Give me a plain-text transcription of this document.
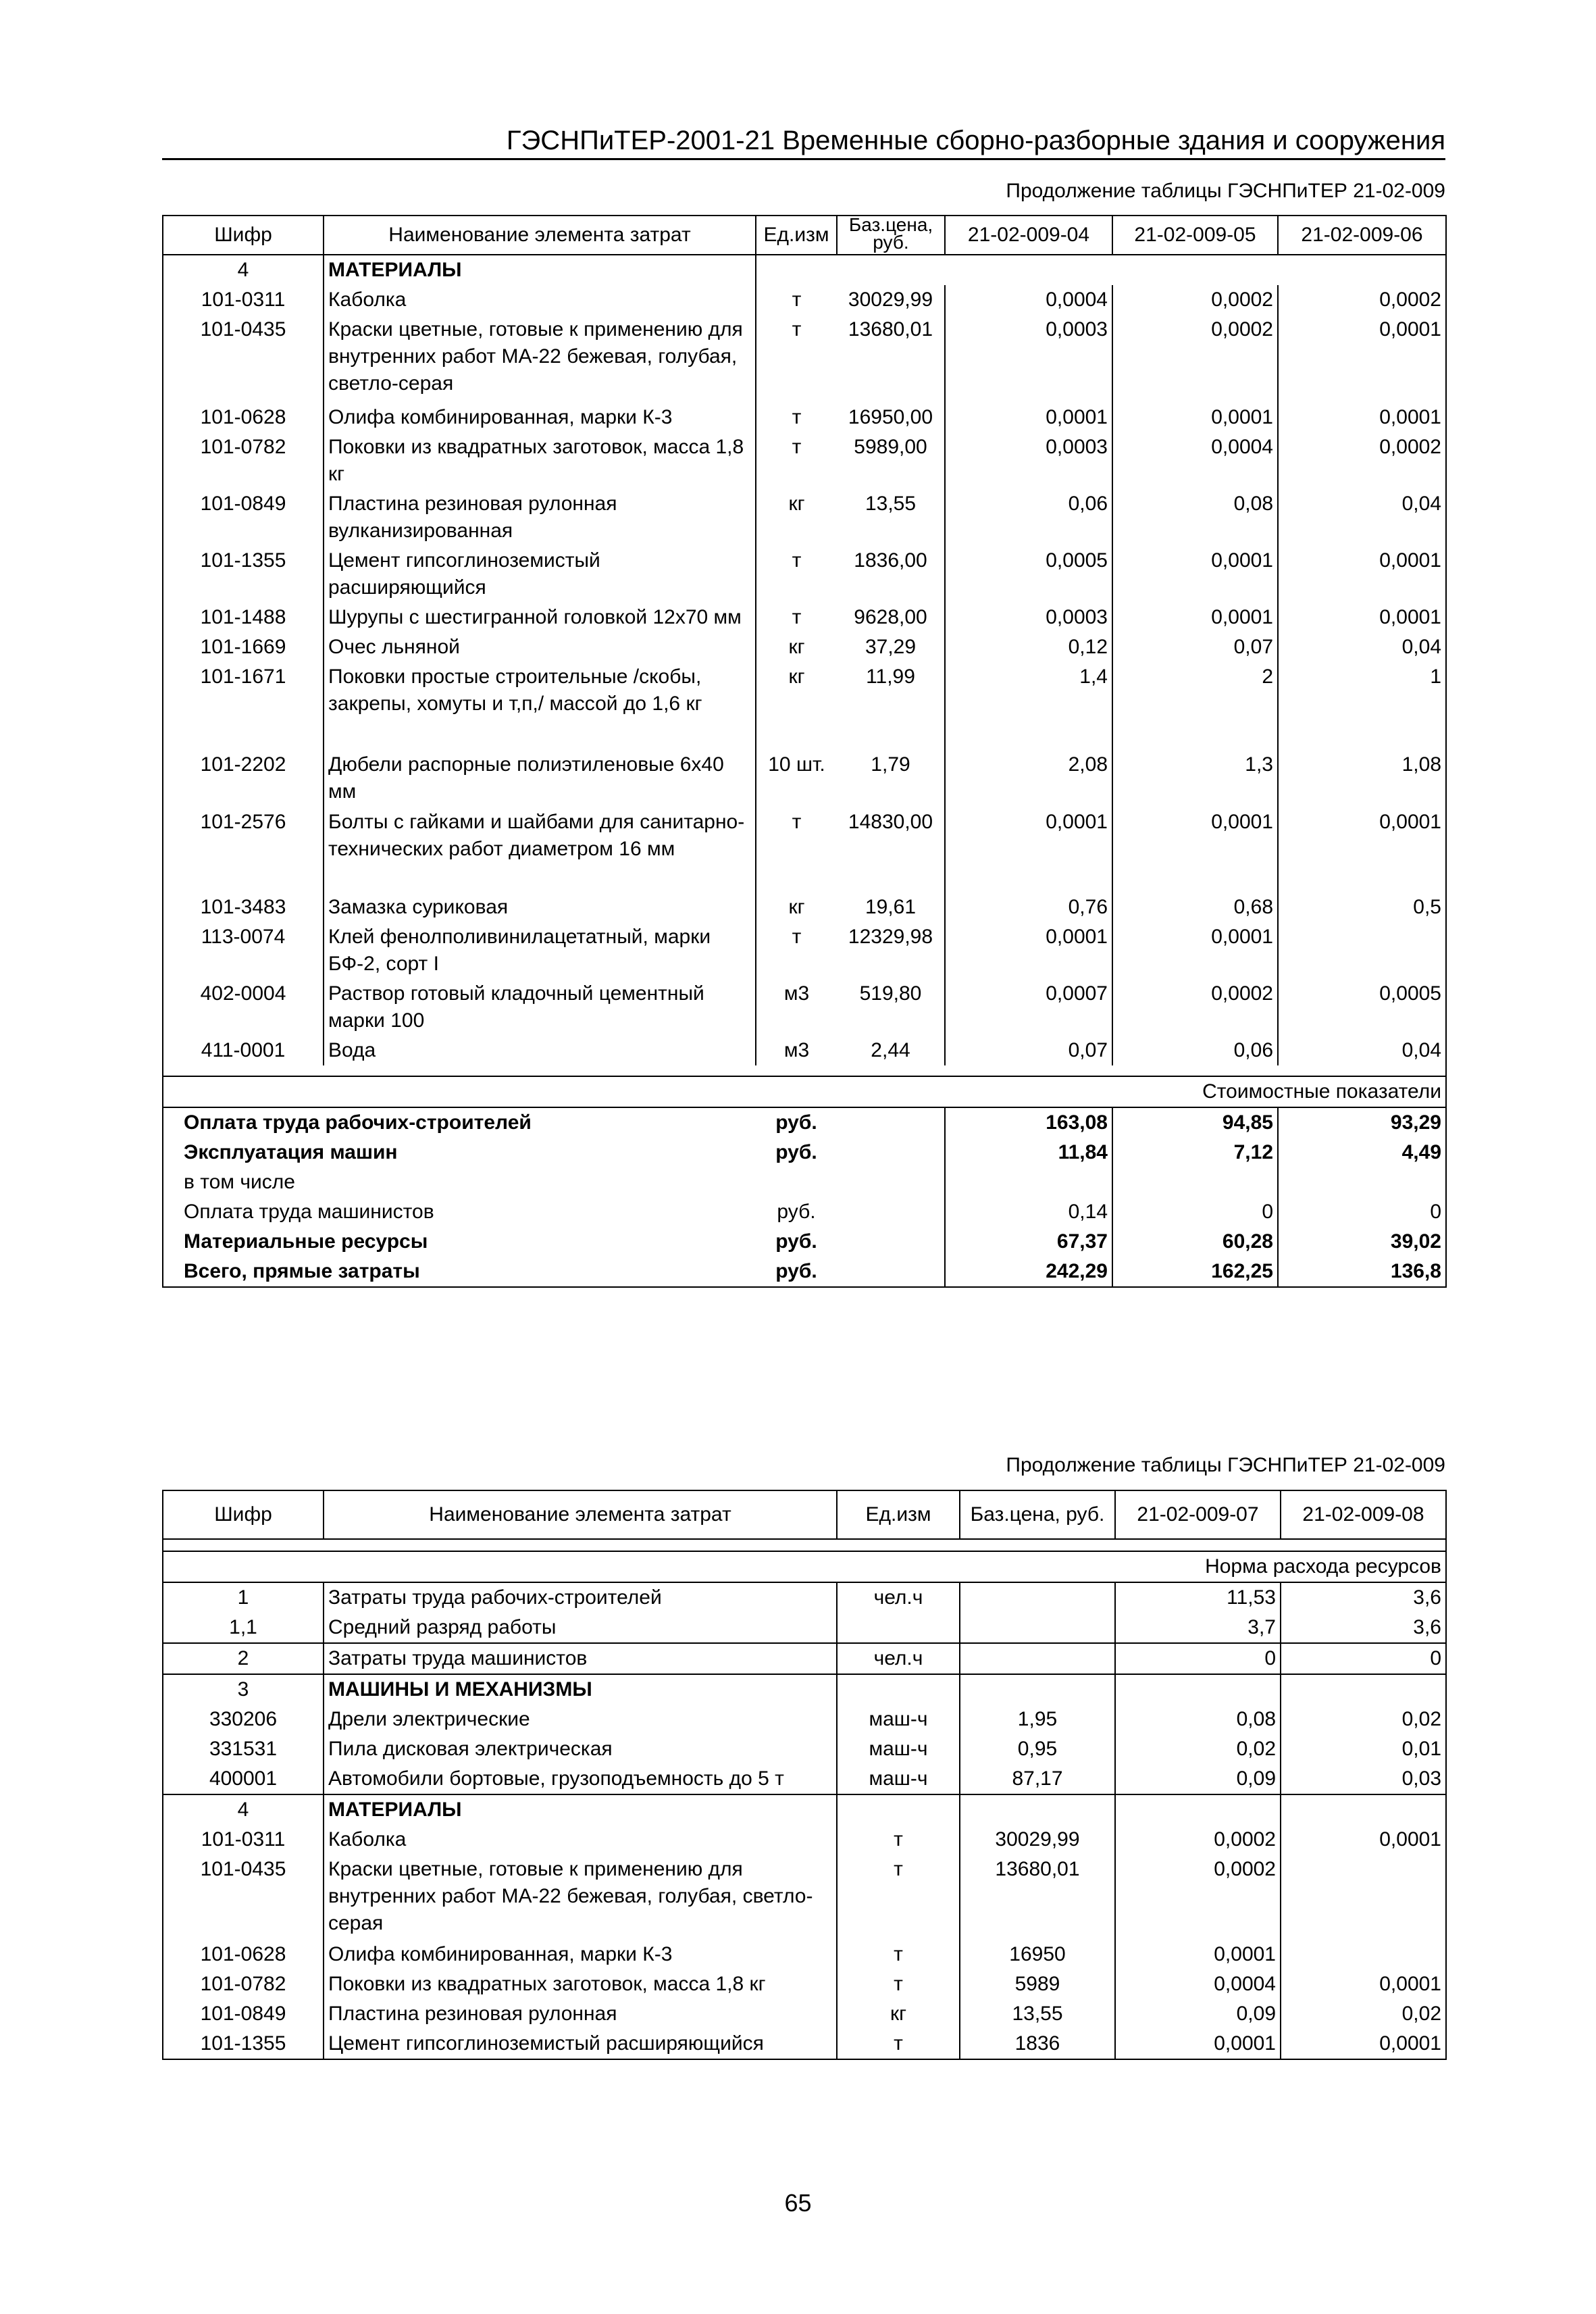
ГЭСНПиТЕР-2001-21 Временные сборно-разборные здания и сооружения
Продолжение таблицы ГЭСНПиТЕР 21-02-009
Шифр	Наименование элемента затрат	Ед.изм	Баз.цена, руб.	21-02-009-04	21-02-009-05	21-02-009-06
4	МАТЕРИАЛЫ					
101-0311	Каболка	т	30029,99	0,0004	0,0002	0,0002
101-0435	Краски цветные, готовые к применению для внутренних работ МА-22 бежевая, голубая, светло-серая	т	13680,01	0,0003	0,0002	0,0001
101-0628	Олифа комбинированная, марки К-3	т	16950,00	0,0001	0,0001	0,0001
101-0782	Поковки из квадратных заготовок, масса 1,8 кг	т	5989,00	0,0003	0,0004	0,0002
101-0849	Пластина резиновая рулонная вулканизированная	кг	13,55	0,06	0,08	0,04
101-1355	Цемент гипсоглиноземистый расширяющийся	т	1836,00	0,0005	0,0001	0,0001
101-1488	Шурупы с шестигранной головкой 12х70 мм	т	9628,00	0,0003	0,0001	0,0001
101-1669	Очес льняной	кг	37,29	0,12	0,07	0,04
101-1671	Поковки простые строительные /скобы, закрепы, хомуты и т,п,/ массой до 1,6 кг	кг	11,99	1,4	2	1
101-2202	Дюбели распорные полиэтиленовые 6х40 мм	10 шт.	1,79	2,08	1,3	1,08
101-2576	Болты с гайками и шайбами для санитарно-технических работ диаметром 16 мм	т	14830,00	0,0001	0,0001	0,0001
101-3483	Замазка суриковая	кг	19,61	0,76	0,68	0,5
113-0074	Клей фенолполивинилацетатный, марки БФ-2, сорт I	т	12329,98	0,0001	0,0001	
402-0004	Раствор готовый кладочный цементный марки 100	м3	519,80	0,0007	0,0002	0,0005
411-0001	Вода	м3	2,44	0,07	0,06	0,04

Стоимостные показатели						
Оплата труда рабочих-строителей		руб.		163,08	94,85	93,29
Эксплуатация машин		руб.		11,84	7,12	4,49
в том числе						
Оплата труда машинистов		руб.		0,14	0	0
Материальные ресурсы		руб.		67,37	60,28	39,02
Всего, прямые затраты		руб.		242,29	162,25	136,8
Продолжение таблицы ГЭСНПиТЕР 21-02-009
Шифр	Наименование элемента затрат	Ед.изм	Баз.цена, руб.	21-02-009-07	21-02-009-08

Норма расхода ресурсов					
1	Затраты труда рабочих-строителей	чел.ч		11,53	3,6
1,1	Средний разряд работы			3,7	3,6
2	Затраты труда машинистов	чел.ч		0	0
3	МАШИНЫ И МЕХАНИЗМЫ				
330206	Дрели электрические	маш-ч	1,95	0,08	0,02
331531	Пила дисковая электрическая	маш-ч	0,95	0,02	0,01
400001	Автомобили бортовые, грузоподъемность до 5 т	маш-ч	87,17	0,09	0,03
4	МАТЕРИАЛЫ				
101-0311	Каболка	т	30029,99	0,0002	0,0001
101-0435	Краски цветные, готовые к применению для внутренних работ МА-22 бежевая, голубая, светло-серая	т	13680,01	0,0002	
101-0628	Олифа комбинированная, марки К-3	т	16950	0,0001	
101-0782	Поковки из квадратных заготовок, масса 1,8 кг	т	5989	0,0004	0,0001
101-0849	Пластина резиновая рулонная	кг	13,55	0,09	0,02
101-1355	Цемент гипсоглиноземистый расширяющийся	т	1836	0,0001	0,0001
65
